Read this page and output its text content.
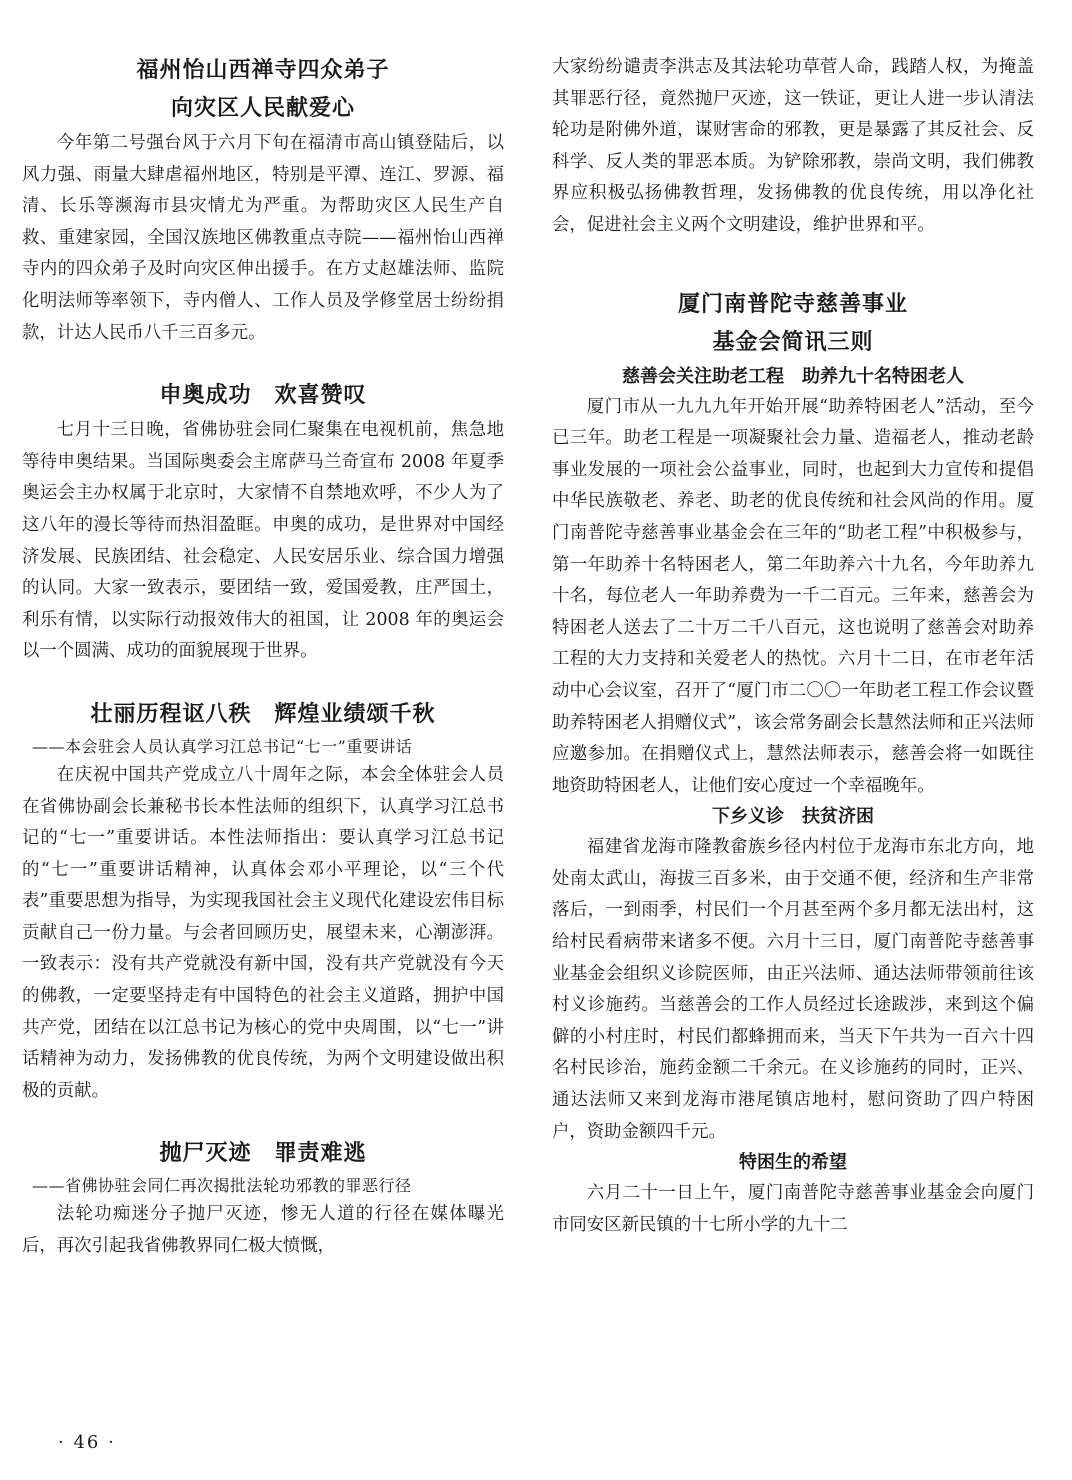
福州怡山西禅寺四众弟子
向灾区人民献爱心

今年第二号强台风于六月下旬在福清市高山镇登陆后，以风力强、雨量大肆虐福州地区，特别是平潭、连江、罗源、福清、长乐等濒海市县灾情尤为严重。为帮助灾区人民生产自救、重建家园，全国汉族地区佛教重点寺院——福州怡山西禅寺内的四众弟子及时向灾区伸出援手。在方丈赵雄法师、监院化明法师等率领下，寺内僧人、工作人员及学修堂居士纷纷捐款，计达人民币八千三百多元。

申奥成功　欢喜赞叹

七月十三日晚，省佛协驻会同仁聚集在电视机前，焦急地等待申奥结果。当国际奥委会主席萨马兰奇宣布 2008 年夏季奥运会主办权属于北京时，大家情不自禁地欢呼，不少人为了这八年的漫长等待而热泪盈眶。申奥的成功，是世界对中国经济发展、民族团结、社会稳定、人民安居乐业、综合国力增强的认同。大家一致表示，要团结一致，爱国爱教，庄严国土，利乐有情，以实际行动报效伟大的祖国，让 2008 年的奥运会以一个圆满、成功的面貌展现于世界。

壮丽历程讴八秩　辉煌业绩颂千秋

——本会驻会人员认真学习江总书记“七一”重要讲话

在庆祝中国共产党成立八十周年之际，本会全体驻会人员在省佛协副会长兼秘书长本性法师的组织下，认真学习江总书记的“七一”重要讲话。本性法师指出：要认真学习江总书记的“七一”重要讲话精神，认真体会邓小平理论，以“三个代表”重要思想为指导，为实现我国社会主义现代化建设宏伟目标贡献自己一份力量。与会者回顾历史，展望未来，心潮澎湃。一致表示：没有共产党就没有新中国，没有共产党就没有今天的佛教，一定要坚持走有中国特色的社会主义道路，拥护中国共产党，团结在以江总书记为核心的党中央周围，以“七一”讲话精神为动力，发扬佛教的优良传统，为两个文明建设做出积极的贡献。

抛尸灭迹　罪责难逃

——省佛协驻会同仁再次揭批法轮功邪教的罪恶行径

法轮功痴迷分子抛尸灭迹，惨无人道的行径在媒体曝光后，再次引起我省佛教界同仁极大愤慨，

大家纷纷谴责李洪志及其法轮功草菅人命，践踏人权，为掩盖其罪恶行径，竟然抛尸灭迹，这一铁证，更让人进一步认清法轮功是附佛外道，谋财害命的邪教，更是暴露了其反社会、反科学、反人类的罪恶本质。为铲除邪教，崇尚文明，我们佛教界应积极弘扬佛教哲理，发扬佛教的优良传统，用以净化社会，促进社会主义两个文明建设，维护世界和平。

厦门南普陀寺慈善事业
基金会简讯三则
慈善会关注助老工程　助养九十名特困老人

厦门市从一九九九年开始开展“助养特困老人”活动，至今已三年。助老工程是一项凝聚社会力量、造福老人，推动老龄事业发展的一项社会公益事业，同时，也起到大力宣传和提倡中华民族敬老、养老、助老的优良传统和社会风尚的作用。厦门南普陀寺慈善事业基金会在三年的“助老工程”中积极参与，第一年助养十名特困老人，第二年助养六十九名，今年助养九十名，每位老人一年助养费为一千二百元。三年来，慈善会为特困老人送去了二十万二千八百元，这也说明了慈善会对助养工程的大力支持和关爱老人的热忱。六月十二日，在市老年活动中心会议室，召开了“厦门市二〇〇一年助老工程工作会议暨助养特困老人捐赠仪式”，该会常务副会长慧然法师和正兴法师应邀参加。在捐赠仪式上，慧然法师表示，慈善会将一如既往地资助特困老人，让他们安心度过一个幸福晚年。

下乡义诊　扶贫济困

福建省龙海市隆教畲族乡径内村位于龙海市东北方向，地处南太武山，海拔三百多米，由于交通不便，经济和生产非常落后，一到雨季，村民们一个月甚至两个多月都无法出村，这给村民看病带来诸多不便。六月十三日，厦门南普陀寺慈善事业基金会组织义诊院医师，由正兴法师、通达法师带领前往该村义诊施药。当慈善会的工作人员经过长途跋涉，来到这个偏僻的小村庄时，村民们都蜂拥而来，当天下午共为一百六十四名村民诊治，施药金额二千余元。在义诊施药的同时，正兴、通达法师又来到龙海市港尾镇店地村，慰问资助了四户特困户，资助金额四千元。

特困生的希望

六月二十一日上午，厦门南普陀寺慈善事业基金会向厦门市同安区新民镇的十七所小学的九十二

· 46 ·
